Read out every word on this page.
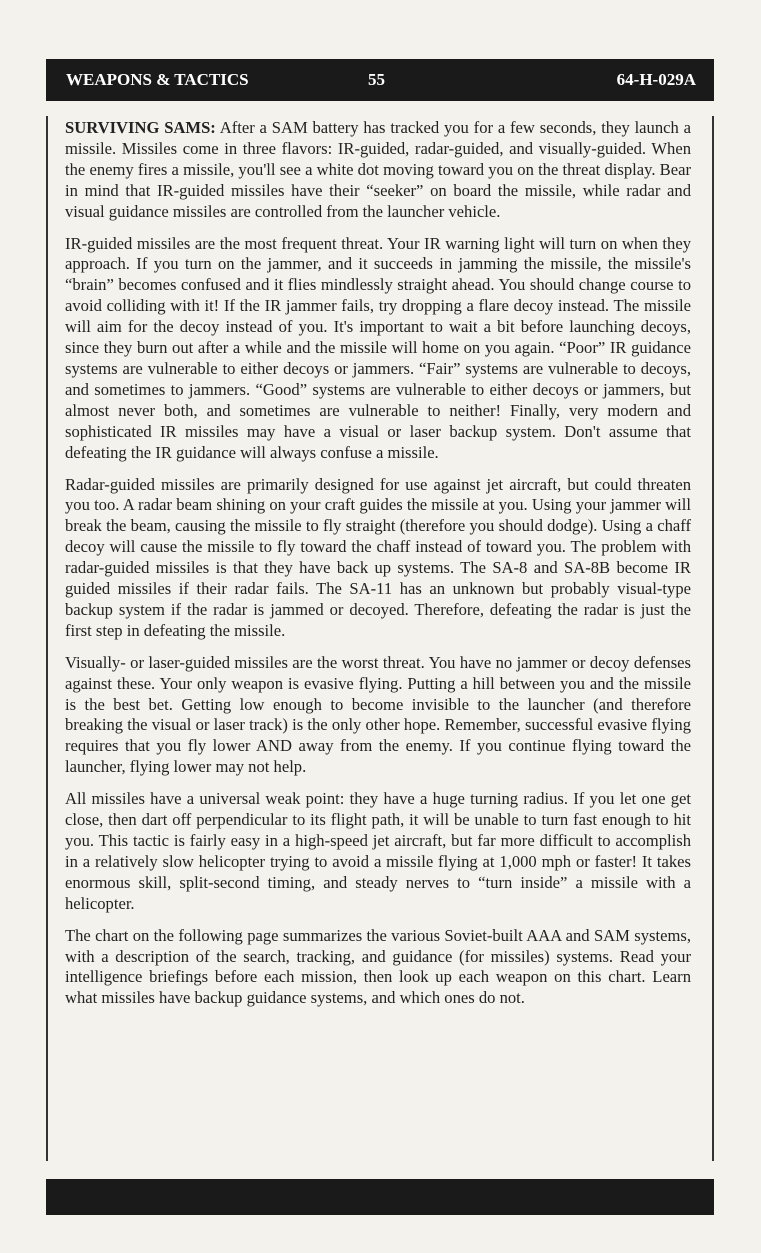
WEAPONS & TACTICS	55	64-H-029A

SURVIVING SAMS: After a SAM battery has tracked you for a few seconds, they launch a missile. Missiles come in three flavors: IR-guided, radar-guided, and visually-guided. When the enemy fires a missile, you'll see a white dot moving toward you on the threat display. Bear in mind that IR-guided missiles have their “seeker” on board the missile, while radar and visual guidance missiles are controlled from the launcher vehicle.

IR-guided missiles are the most frequent threat. Your IR warning light will turn on when they approach. If you turn on the jammer, and it succeeds in jamming the missile, the missile's “brain” becomes confused and it flies mindlessly straight ahead. You should change course to avoid colliding with it! If the IR jammer fails, try dropping a flare decoy instead. The missile will aim for the decoy instead of you. It's important to wait a bit before launching decoys, since they burn out after a while and the missile will home on you again. “Poor” IR guidance systems are vulnerable to either decoys or jammers. “Fair” systems are vulnerable to decoys, and sometimes to jammers. “Good” systems are vulnerable to either decoys or jammers, but almost never both, and sometimes are vulnerable to neither! Finally, very modern and sophisticated IR missiles may have a visual or laser backup system. Don't assume that defeating the IR guidance will always confuse a missile.

Radar-guided missiles are primarily designed for use against jet aircraft, but could threaten you too. A radar beam shining on your craft guides the missile at you. Using your jammer will break the beam, causing the missile to fly straight (therefore you should dodge). Using a chaff decoy will cause the missile to fly toward the chaff instead of toward you. The problem with radar-guided missiles is that they have back up systems. The SA-8 and SA-8B become IR guided missiles if their radar fails. The SA-11 has an unknown but probably visual-type backup system if the radar is jammed or decoyed. Therefore, defeating the radar is just the first step in defeating the missile.

Visually- or laser-guided missiles are the worst threat. You have no jammer or decoy defenses against these. Your only weapon is evasive flying. Putting a hill between you and the missile is the best bet. Getting low enough to become invisible to the launcher (and therefore breaking the visual or laser track) is the only other hope. Remember, successful evasive flying requires that you fly lower AND away from the enemy. If you continue flying toward the launcher, flying lower may not help.

All missiles have a universal weak point: they have a huge turning radius. If you let one get close, then dart off perpendicular to its flight path, it will be unable to turn fast enough to hit you. This tactic is fairly easy in a high-speed jet aircraft, but far more difficult to accomplish in a relatively slow helicopter trying to avoid a missile flying at 1,000 mph or faster! It takes enormous skill, split-second timing, and steady nerves to “turn inside” a missile with a helicopter.

The chart on the following page summarizes the various Soviet-built AAA and SAM systems, with a description of the search, tracking, and guidance (for missiles) systems. Read your intelligence briefings before each mission, then look up each weapon on this chart. Learn what missiles have backup guidance systems, and which ones do not.
